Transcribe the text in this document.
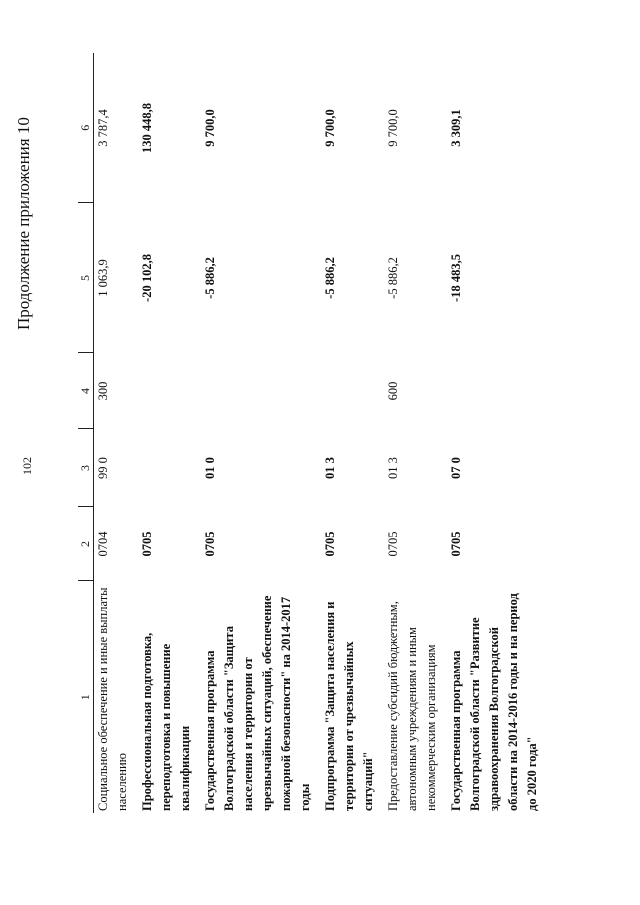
102
Продолжение приложения 10
1	2	3	4	5	6
Социальное обеспечение и иные выплаты населению	0704	99 0	300	1 063,9	3 787,4
Профессиональная подготовка, переподготовка и повышение квалификации	0705			-20 102,8	130 448,8
Государственная программа Волгоградской области "Защита населения и территории от чрезвычайных ситуаций, обеспечение пожарной безопасности" на 2014-2017 годы	0705	01 0		-5 886,2	9 700,0
Подпрограмма "Защита населения и территории от чрезвычайных ситуаций"	0705	01 3		-5 886,2	9 700,0
Предоставление субсидий бюджетным, автономным учреждениям и иным некоммерческим организациям	0705	01 3	600	-5 886,2	9 700,0
Государственная программа Волгоградской области "Развитие здравоохранения Волгоградской области на 2014-2016 годы и на период до 2020 года"	0705	07 0		-18 483,5	3 309,1
